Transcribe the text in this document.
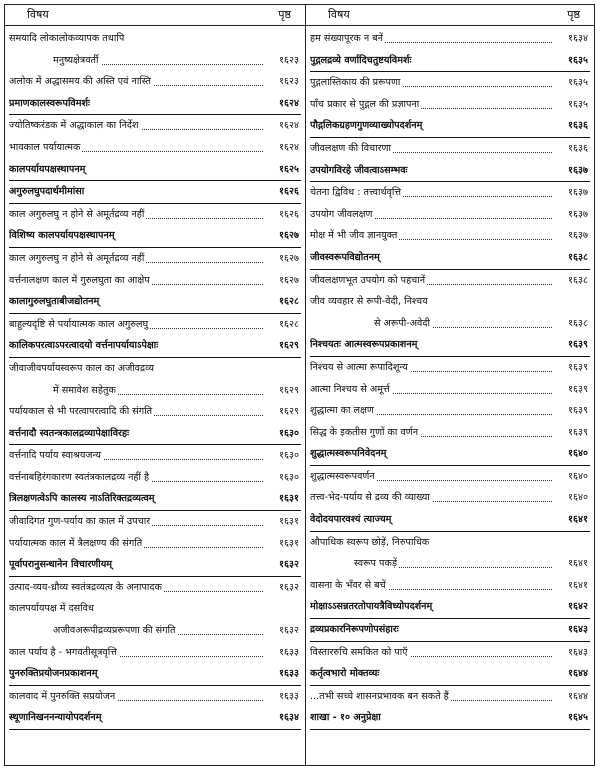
विषय	पृष्ठ
समयादि लोकालोकव्यापक तथापि
मनुष्यक्षेत्रवर्ती	१६२३
अलोक में अद्धासमय की अस्ति एवं नास्ति	१६२३
प्रमाणकालस्वरूपविमर्शः	१६२४
ज्योतिष्करंडक में अद्धाकाल का निर्देश	१६२४
भावकाल पर्यायात्मक	१६२४
कालपर्यायपक्षस्थापनम्	१६२५
अगुरुलघुपदार्थमीमांसा	१६२६
काल अगुरुलघु न होने से अमूर्तद्रव्य नहीं	१६२६
विशिष्य कालपर्यायपक्षस्थापनम्	१६२७
काल अगुरुलघु न होने से अमूर्तद्रव्य नहीं	१६२७
वर्त्तनालक्षण काल में गुरुलघुता का आक्षेप	१६२७
कालागुरुलघुताबीजद्योतनम्	१६२८
बाहुल्यदृष्टि से पर्यायात्मक काल अगुरुलघु	१६२८
कालिकपरत्वाऽपरत्वादयो वर्त्तनापर्यायाऽपेक्षाः	१६२९
जीवाजीवपर्यायस्वरूप काल का अजीवद्रव्य
में समावेश सहेतुक	१६२९
पर्यायकाल से भी परत्वापरत्वादि की संगति	१६२९
वर्त्तनादौ स्वतन्त्रकालद्रव्यापेक्षाविरहः	१६३०
वर्त्तनादि पर्याय स्वाश्रयजन्य	१६३०
वर्त्तनाबहिरंगकारण स्वतंत्रकालद्रव्य नहीं है	१६३०
त्रिलक्षणत्वेऽपि कालस्य नाऽतिरिक्तद्रव्यत्वम्	१६३१
जीवादिगत गुण-पर्याय का काल में उपचार	१६३१
पर्यायात्मक काल में त्रैलक्षण्य की संगति	१६३१
पूर्वापरानुसन्धानेन विचारणीयम्	१६३२
उत्पाद-व्यय-ध्रौव्य स्वतंत्रद्रव्यत्व के अनापादक	१६३२
कालपर्यायपक्ष में दसविध
अजीवअरूपीद्रव्यप्ररूपणा की संगति	१६३२
काल पर्याय है - भगवतीसूत्रवृत्ति	१६३३
पुनरुक्तिप्रयोजनप्रकाशनम्	१६३३
कालवाद में पुनरुक्ति सप्रयोजन	१६३३
स्थूणानिखननन्यायोपदर्शनम्	१६३४
विषय	पृष्ठ
हम संख्यापूरक न बनें	१६३४
पुद्गलद्रव्ये वर्णादिचतुष्टयविमर्शः	१६३५
पुद्गलास्तिकाय की प्ररूपणा	१६३५
पाँच प्रकार से पुद्गल की प्रज्ञापना	१६३५
पौद्गलिकग्रहणगुणव्याख्योपदर्शनम्	१६३६
जीवलक्षण की विचारणा	१६३६
उपयोगविरहे जीवत्वाऽसम्भवः	१६३७
चेतना द्विविध : तत्त्वार्थवृत्ति	१६३७
उपयोग जीवलक्षण	१६३७
मोक्ष में भी जीव ज्ञानयुक्त	१६३७
जीवस्वरूपविद्योतनम्	१६३८
जीवलक्षणभूत उपयोग को पहचानें	१६३८
जीव व्यवहार से रूपी-वेदी, निश्चय
से अरूपी-अवेदी	१६३८
निश्चयतः आत्मस्वरूपप्रकाशनम्	१६३९
निश्चय से आत्मा रूपादिशून्य	१६३९
आत्मा निश्चय से अमूर्त्त	१६३९
शुद्धात्मा का लक्षण	१६३९
सिद्ध के इकतीस गुणों का वर्णन	१६३९
शुद्धात्मस्वरूपनिवेदनम्	१६४०
शुद्धात्मस्वरूपवर्णन	१६४०
तत्त्व-भेद-पर्याय से द्रव्य की व्याख्या	१६४०
वेदोदयपारवश्यं त्याज्यम्	१६४१
औपाधिक स्वरूप छोड़ें, निरुपाधिक
स्वरूप पकड़ें	१६४१
वासना के भँवर से बचें	१६४१
मोक्षाऽऽसन्नतरतोपायत्रैविध्योपदर्शनम्	१६४२
द्रव्यप्रकारनिरूपणोपसंहारः	१६४३
विस्ताररुचि समकित को पाएँ	१६४३
कर्तृत्वभारो मोक्तव्यः	१६४४
...तभी सच्चे शासनप्रभावक बन सकते हैं	१६४४
शाखा - १० अनुप्रेक्षा	१६४५
